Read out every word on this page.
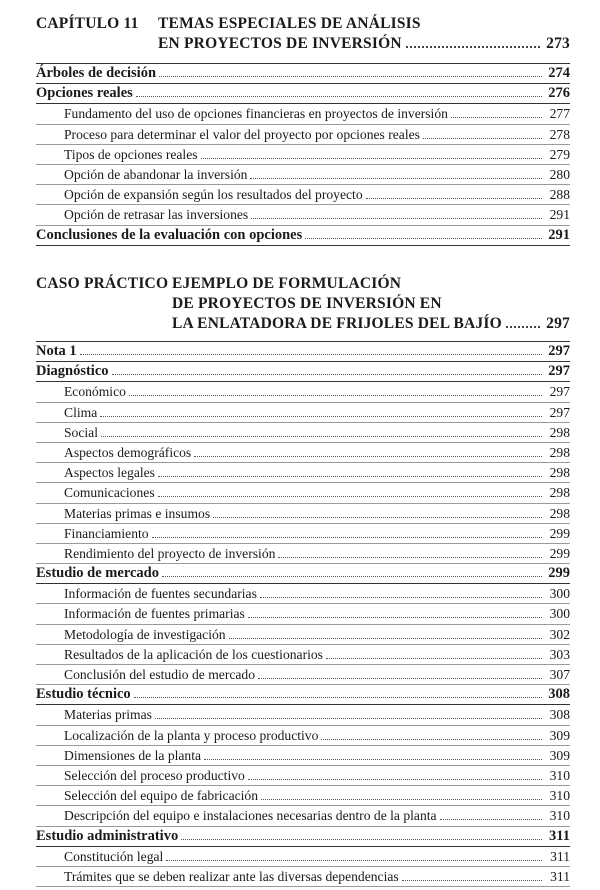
CAPÍTULO 11 TEMAS ESPECIALES DE ANÁLISIS
EN PROYECTOS DE INVERSIÓN	273
Árboles de decisión	274
Opciones reales	276
Fundamento del uso de opciones financieras en proyectos de inversión	277
Proceso para determinar el valor del proyecto por opciones reales	278
Tipos de opciones reales	279
Opción de abandonar la inversión	280
Opción de expansión según los resultados del proyecto	288
Opción de retrasar las inversiones	291
Conclusiones de la evaluación con opciones	291
CASO PRÁCTICO EJEMPLO DE FORMULACIÓN
DE PROYECTOS DE INVERSIÓN EN
LA ENLATADORA DE FRIJOLES DEL BAJÍO	297
Nota 1	297
Diagnóstico	297
Económico	297
Clima	297
Social	298
Aspectos demográficos	298
Aspectos legales	298
Comunicaciones	298
Materias primas e insumos	298
Financiamiento	299
Rendimiento del proyecto de inversión	299
Estudio de mercado	299
Información de fuentes secundarias	300
Información de fuentes primarias	300
Metodología de investigación	302
Resultados de la aplicación de los cuestionarios	303
Conclusión del estudio de mercado	307
Estudio técnico	308
Materias primas	308
Localización de la planta y proceso productivo	309
Dimensiones de la planta	309
Selección del proceso productivo	310
Selección del equipo de fabricación	310
Descripción del equipo e instalaciones necesarias dentro de la planta	310
Estudio administrativo	311
Constitución legal	311
Trámites que se deben realizar ante las diversas dependencias	311
